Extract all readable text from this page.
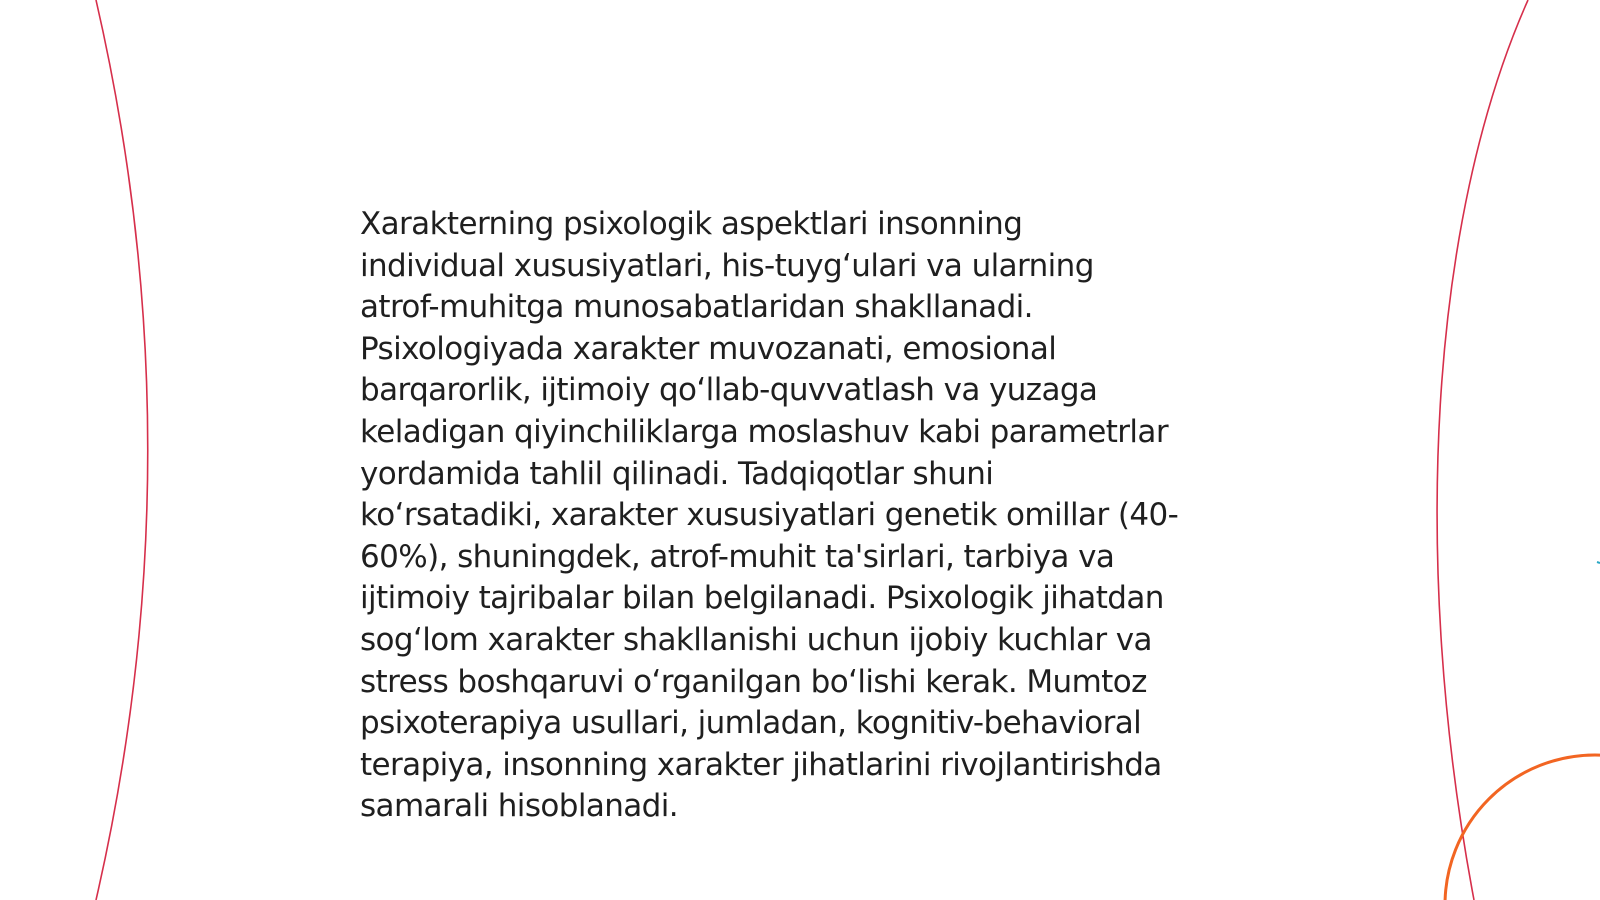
Xarakterning psixologik aspektlari insonning
individual xususiyatlari, his-tuyg‘ulari va ularning
atrof-muhitga munosabatlaridan shakllanadi.
Psixologiyada xarakter muvozanati, emosional
barqarorlik, ijtimoiy qo‘llab-quvvatlash va yuzaga
keladigan qiyinchiliklarga moslashuv kabi parametrlar
yordamida tahlil qilinadi. Tadqiqotlar shuni
ko‘rsatadiki, xarakter xususiyatlari genetik omillar (40-
60%), shuningdek, atrof-muhit ta'sirlari, tarbiya va
ijtimoiy tajribalar bilan belgilanadi. Psixologik jihatdan
sog‘lom xarakter shakllanishi uchun ijobiy kuchlar va
stress boshqaruvi o‘rganilgan bo‘lishi kerak. Mumtoz
psixoterapiya usullari, jumladan, kognitiv-behavioral
terapiya, insonning xarakter jihatlarini rivojlantirishda
samarali hisoblanadi.
